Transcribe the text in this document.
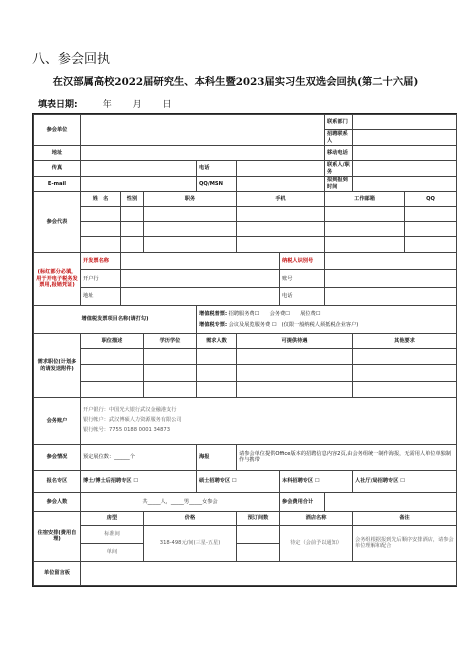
八、参会回执
在汉部属高校2022届研究生、本科生暨2023届实习生双选会回执(第二十六届)
填表日期:	年 月 日
参会单位							联系部门		
							招聘联系人		
地址							移动电话		
传真				电话			联系人/职务		
E-mail				QQ/MSN			拟到报到时间		
参会代表	姓　名	性别	职务		手机		工作邮箱		QQ

(标红部分必填，用于开电子税务发票用,报销凭证)	开发票名称					纳税人识别号			
	开户行					账号			
	地址					电话			
增值税发票项目名称(请打勾)				增值税普票: 招聘服务费☐　　会务费☐　　展位费☐
增值税专票: 会议及展览服务费 ☐　(仅限一般纳税人须抵税企业客户)					
需求职位(计划多的请发送附件)	职位描述		学历学位	需求人数	可提供待遇			其他要求	

会务账户	开户银行：中国光大银行武汉金融港支行
银行帐户：武汉博硕人力资源服务有限公司
银行帐号：7755 0188 0001 34873								

参会情况	预定展位数：______个			海报	请参会单位提供Office版本的招聘信息内容2页,由会务组统一制作海报，无需用人单位单独制作与携带				
报名专区	博士/博士后招聘专区 ☐			硕士招聘专区 ☐		本科招聘专区 ☐		人社厅/局招聘专区 ☐	
参会人数	共_____人，_____男_____女参会					参会费用合计			
住宿安排(费用自理)	房型		价格		预订间数	酒店名称		备注	
	标准间		318-498元/间(三星-五星)			待定（会前予以通知）		会务组根据报到先后顺序安排酒店，请参会单位理解和配合	
	单间								
单位留言板									
